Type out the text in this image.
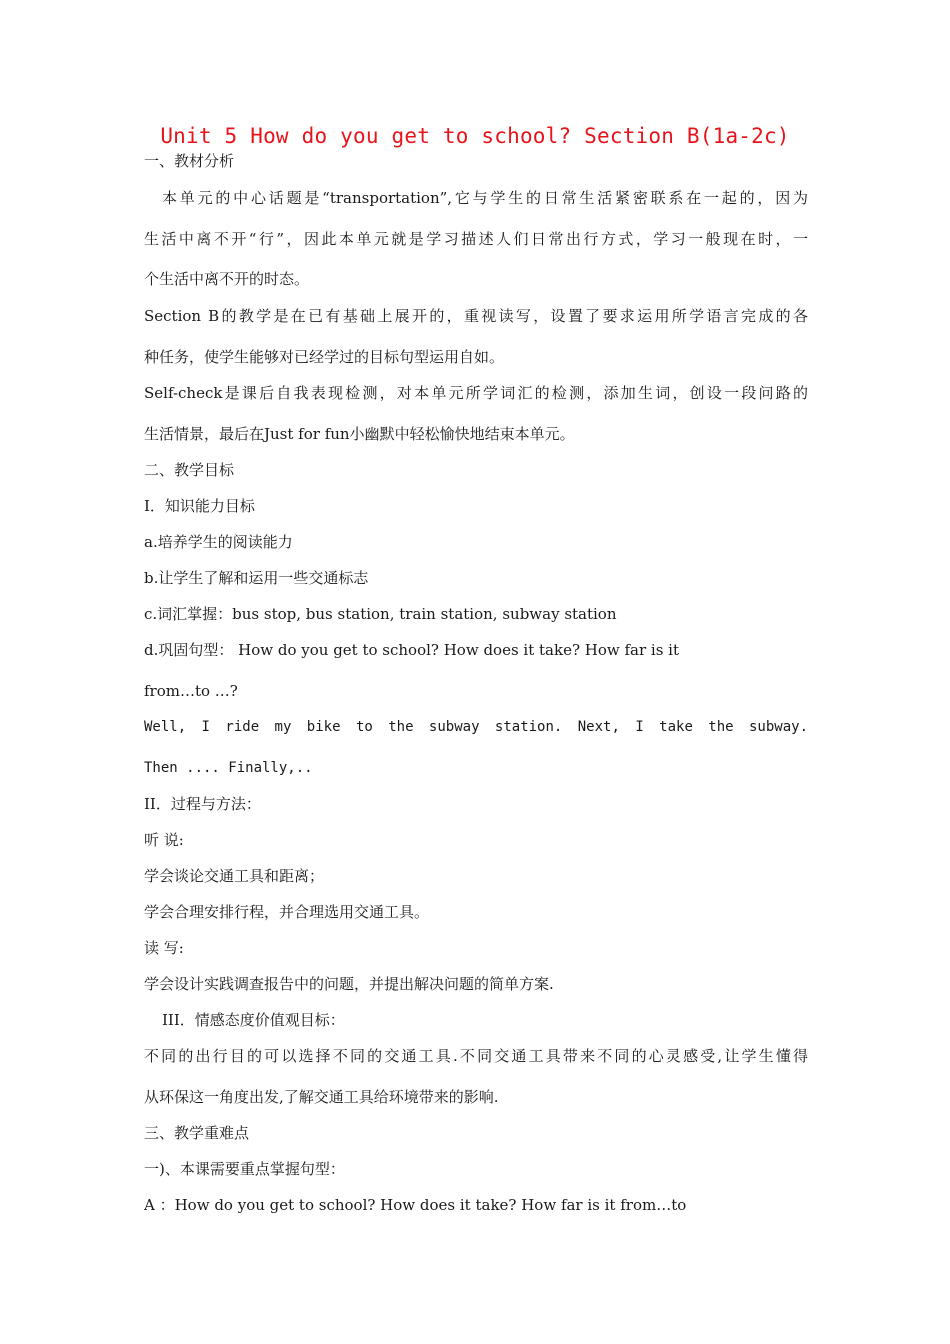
Unit 5 How do you get to school? Section B(1a-2c)
一、教材分析
本单元的中心话题是“transportation”,它与学生的日常生活紧密联系在一起的，因为
生活中离不开“行”，因此本单元就是学习描述人们日常出行方式，学习一般现在时，一
个生活中离不开的时态。
Section B的教学是在已有基础上展开的，重视读写，设置了要求运用所学语言完成的各
种任务，使学生能够对已经学过的目标句型运用自如。
Self-check是课后自我表现检测，对本单元所学词汇的检测，添加生词，创设一段问路的
生活情景，最后在Just for fun小幽默中轻松愉快地结束本单元。
二、教学目标
I．知识能力目标
a.培养学生的阅读能力
b.让学生了解和运用一些交通标志
c.词汇掌握：bus stop, bus station, train station, subway station
d.巩固句型： How do you get to school? How does it take? How far is it
from…to …?
Well, I ride my bike to the subway station. Next, I take the subway.
Then .... Finally,..
II．过程与方法：
听 说:
学会谈论交通工具和距离；
学会合理安排行程，并合理选用交通工具。
读 写:
学会设计实践调查报告中的问题，并提出解决问题的简单方案.
III．情感态度价值观目标：
不同的出行目的可以选择不同的交通工具.不同交通工具带来不同的心灵感受,让学生懂得
从环保这一角度出发,了解交通工具给环境带来的影响.
三、教学重难点
一)、本课需要重点掌握句型：
A ：How do you get to school? How does it take? How far is it from…to
